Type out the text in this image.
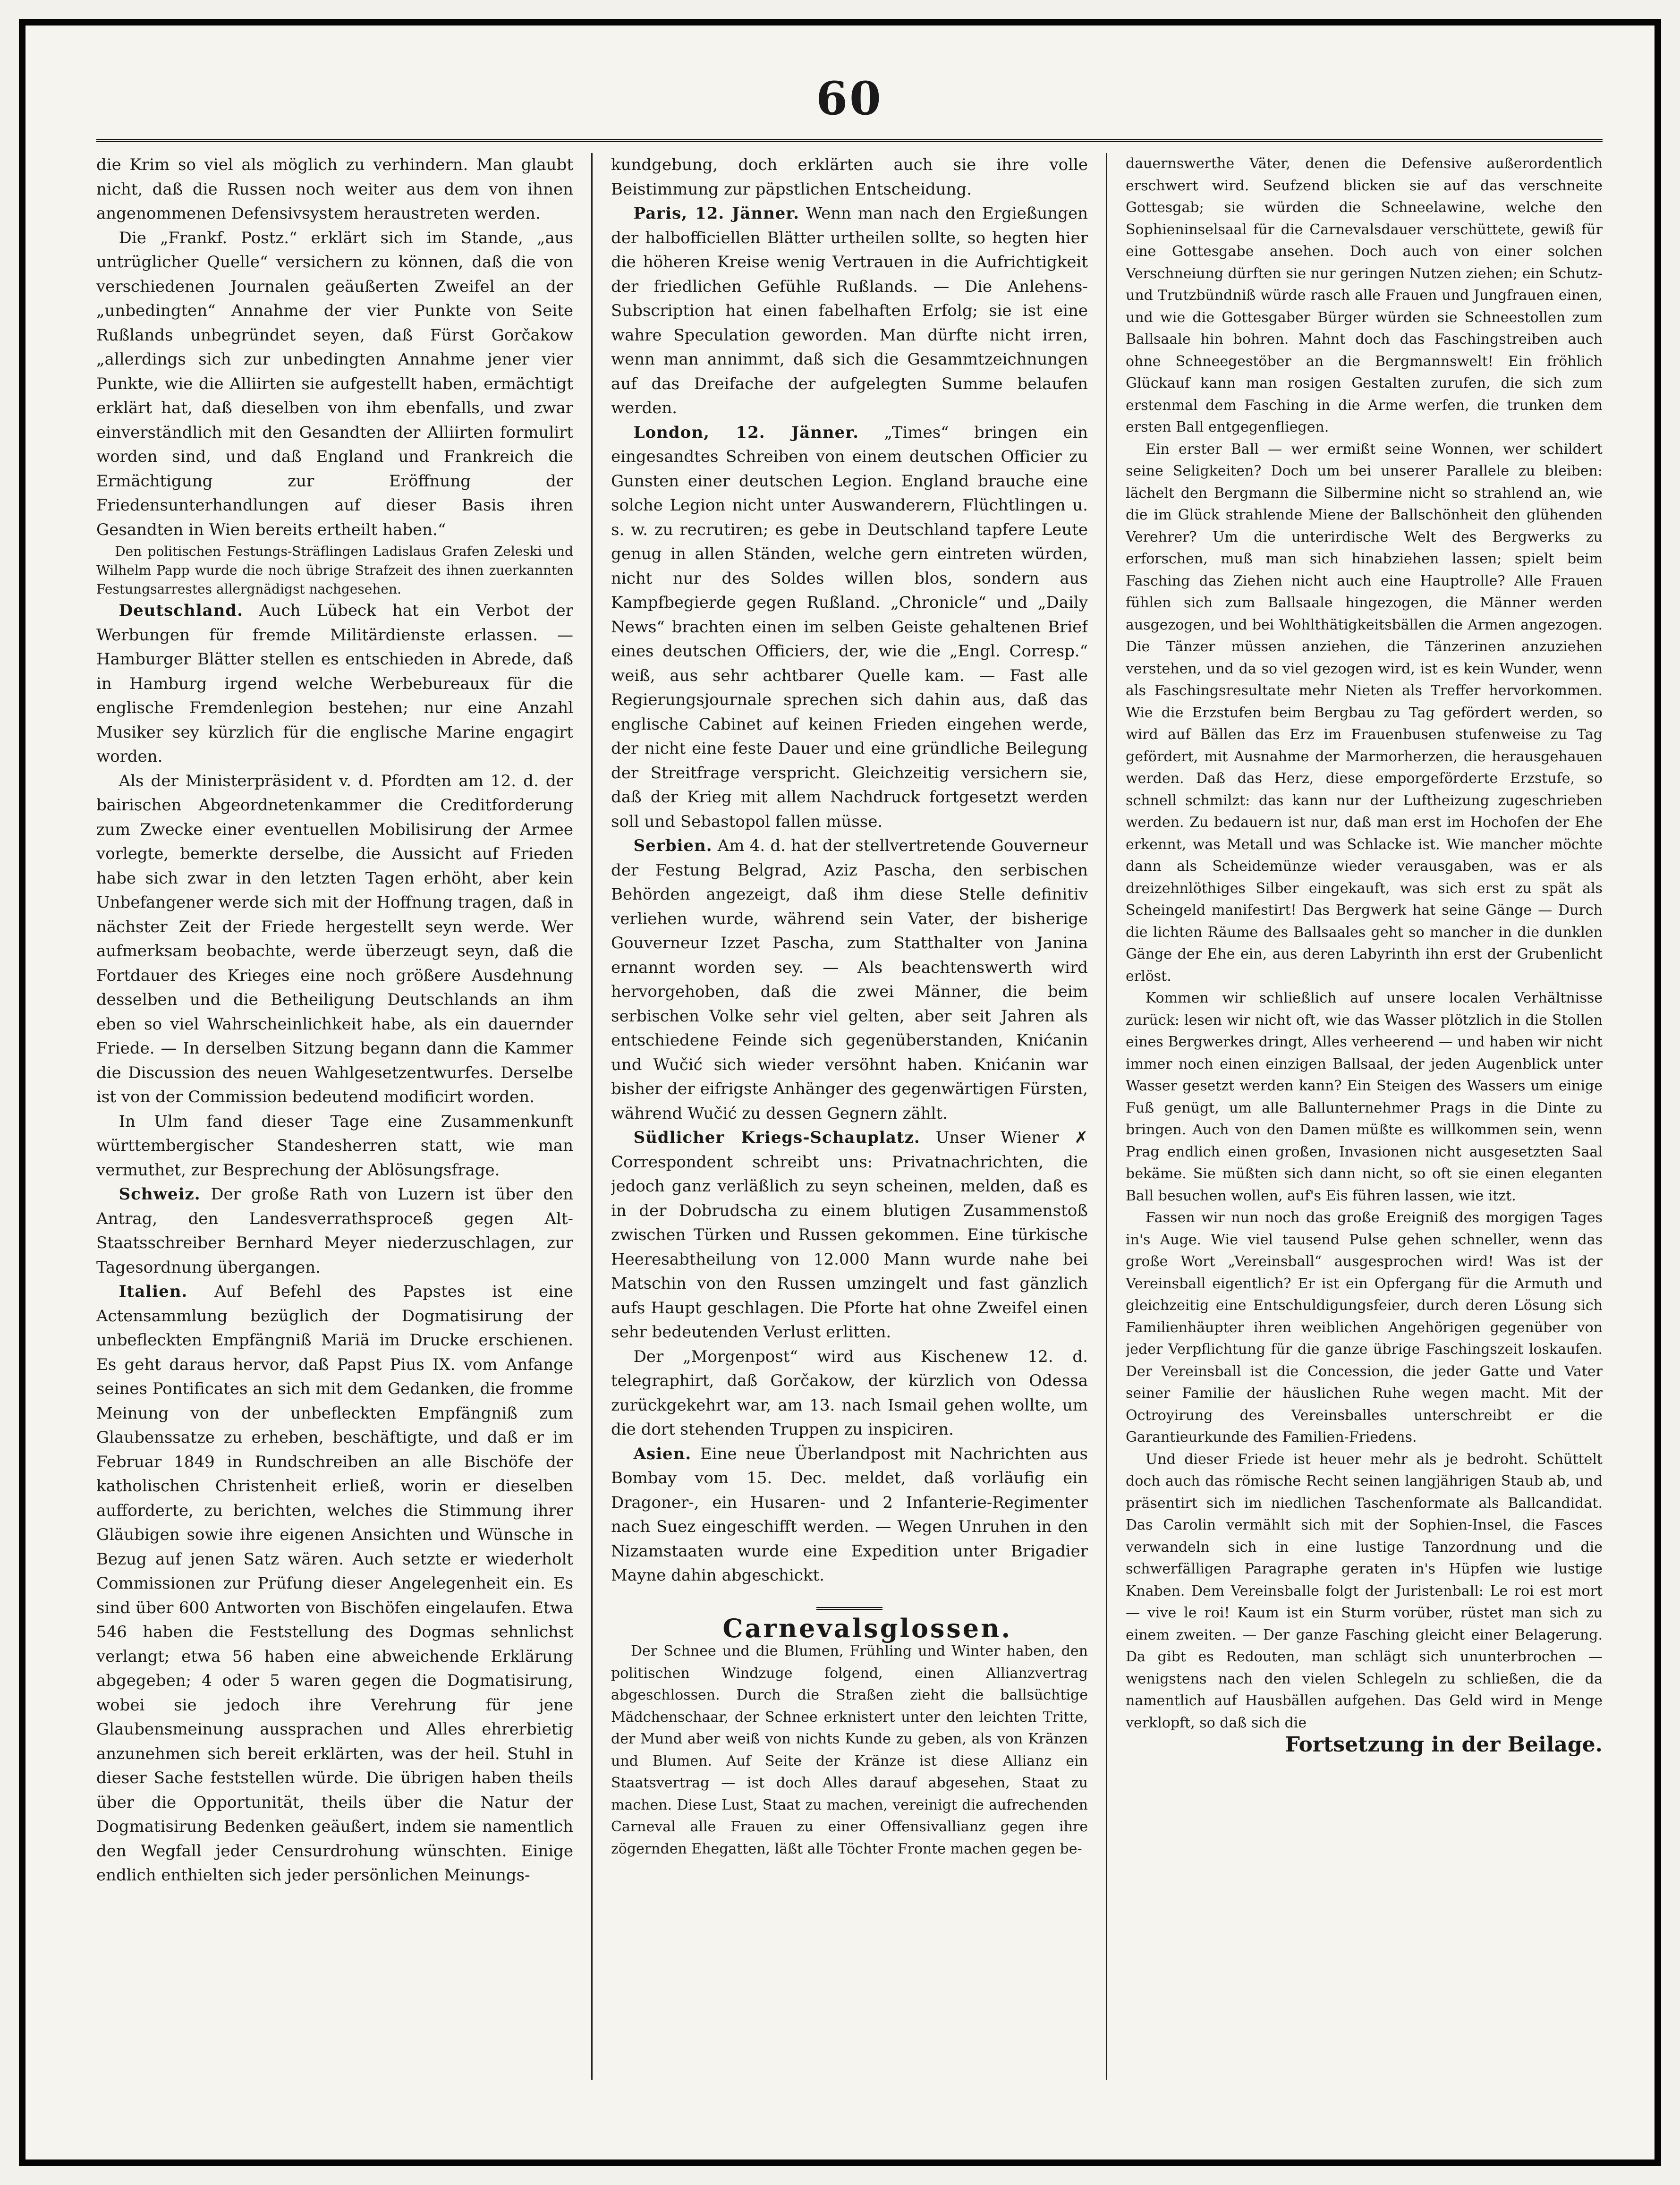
60

die Krim so viel als möglich zu verhindern. Man glaubt nicht, daß die Russen noch weiter aus dem von ihnen angenommenen Defensivsystem heraustreten werden.

Die „Frankf. Postz.“ erklärt sich im Stande, „aus untrüglicher Quelle“ versichern zu können, daß die von verschiedenen Journalen geäußerten Zweifel an der „unbedingten“ Annahme der vier Punkte von Seite Rußlands unbegründet seyen, daß Fürst Gorčakow „allerdings sich zur unbedingten Annahme jener vier Punkte, wie die Alliirten sie aufgestellt haben, ermächtigt erklärt hat, daß dieselben von ihm ebenfalls, und zwar einverständlich mit den Gesandten der Alliirten formulirt worden sind, und daß England und Frankreich die Ermächtigung zur Eröffnung der Friedensunterhandlungen auf dieser Basis ihren Gesandten in Wien bereits ertheilt haben.“

Den politischen Festungs-Sträflingen Ladislaus Grafen Zeleski und Wilhelm Papp wurde die noch übrige Strafzeit des ihnen zuerkannten Festungsarrestes allergnädigst nachgesehen.

Deutschland. Auch Lübeck hat ein Verbot der Werbungen für fremde Militärdienste erlassen. — Hamburger Blätter stellen es entschieden in Abrede, daß in Hamburg irgend welche Werbebureaux für die englische Fremdenlegion bestehen; nur eine Anzahl Musiker sey kürzlich für die englische Marine engagirt worden.

Als der Ministerpräsident v. d. Pfordten am 12. d. der bairischen Abgeordnetenkammer die Creditforderung zum Zwecke einer eventuellen Mobilisirung der Armee vorlegte, bemerkte derselbe, die Aussicht auf Frieden habe sich zwar in den letzten Tagen erhöht, aber kein Unbefangener werde sich mit der Hoffnung tragen, daß in nächster Zeit der Friede hergestellt seyn werde. Wer aufmerksam beobachte, werde überzeugt seyn, daß die Fortdauer des Krieges eine noch größere Ausdehnung desselben und die Betheiligung Deutschlands an ihm eben so viel Wahrscheinlichkeit habe, als ein dauernder Friede. — In derselben Sitzung begann dann die Kammer die Discussion des neuen Wahlgesetzentwurfes. Derselbe ist von der Commission bedeutend modificirt worden.

In Ulm fand dieser Tage eine Zusammenkunft württembergischer Standesherren statt, wie man vermuthet, zur Besprechung der Ablösungsfrage.

Schweiz. Der große Rath von Luzern ist über den Antrag, den Landesverrathsproceß gegen Alt-Staatsschreiber Bernhard Meyer niederzuschlagen, zur Tagesordnung übergangen.

Italien. Auf Befehl des Papstes ist eine Actensammlung bezüglich der Dogmatisirung der unbefleckten Empfängniß Mariä im Drucke erschienen. Es geht daraus hervor, daß Papst Pius IX. vom Anfange seines Pontificates an sich mit dem Gedanken, die fromme Meinung von der unbefleckten Empfängniß zum Glaubenssatze zu erheben, beschäftigte, und daß er im Februar 1849 in Rundschreiben an alle Bischöfe der katholischen Christenheit erließ, worin er dieselben aufforderte, zu berichten, welches die Stimmung ihrer Gläubigen sowie ihre eigenen Ansichten und Wünsche in Bezug auf jenen Satz wären. Auch setzte er wiederholt Commissionen zur Prüfung dieser Angelegenheit ein. Es sind über 600 Antworten von Bischöfen eingelaufen. Etwa 546 haben die Feststellung des Dogmas sehnlichst verlangt; etwa 56 haben eine abweichende Erklärung abgegeben; 4 oder 5 waren gegen die Dogmatisirung, wobei sie jedoch ihre Verehrung für jene Glaubensmeinung aussprachen und Alles ehrerbietig anzunehmen sich bereit erklärten, was der heil. Stuhl in dieser Sache feststellen würde. Die übrigen haben theils über die Opportunität, theils über die Natur der Dogmatisirung Bedenken geäußert, indem sie namentlich den Wegfall jeder Censurdrohung wünschten. Einige endlich enthielten sich jeder persönlichen Meinungs-

kundgebung, doch erklärten auch sie ihre volle Beistimmung zur päpstlichen Entscheidung.

Paris, 12. Jänner. Wenn man nach den Ergießungen der halbofficiellen Blätter urtheilen sollte, so hegten hier die höheren Kreise wenig Vertrauen in die Aufrichtigkeit der friedlichen Gefühle Rußlands. — Die Anlehens-Subscription hat einen fabelhaften Erfolg; sie ist eine wahre Speculation geworden. Man dürfte nicht irren, wenn man annimmt, daß sich die Gesammtzeichnungen auf das Dreifache der aufgelegten Summe belaufen werden.

London, 12. Jänner. „Times“ bringen ein eingesandtes Schreiben von einem deutschen Officier zu Gunsten einer deutschen Legion. England brauche eine solche Legion nicht unter Auswanderern, Flüchtlingen u. s. w. zu recrutiren; es gebe in Deutschland tapfere Leute genug in allen Ständen, welche gern eintreten würden, nicht nur des Soldes willen blos, sondern aus Kampfbegierde gegen Rußland. „Chronicle“ und „Daily News“ brachten einen im selben Geiste gehaltenen Brief eines deutschen Officiers, der, wie die „Engl. Corresp.“ weiß, aus sehr achtbarer Quelle kam. — Fast alle Regierungsjournale sprechen sich dahin aus, daß das englische Cabinet auf keinen Frieden eingehen werde, der nicht eine feste Dauer und eine gründliche Beilegung der Streitfrage verspricht. Gleichzeitig versichern sie, daß der Krieg mit allem Nachdruck fortgesetzt werden soll und Sebastopol fallen müsse.

Serbien. Am 4. d. hat der stellvertretende Gouverneur der Festung Belgrad, Aziz Pascha, den serbischen Behörden angezeigt, daß ihm diese Stelle definitiv verliehen wurde, während sein Vater, der bisherige Gouverneur Izzet Pascha, zum Statthalter von Janina ernannt worden sey. — Als beachtenswerth wird hervorgehoben, daß die zwei Männer, die beim serbischen Volke sehr viel gelten, aber seit Jahren als entschiedene Feinde sich gegenüberstanden, Knićanin und Wučić sich wieder versöhnt haben. Knićanin war bisher der eifrigste Anhänger des gegenwärtigen Fürsten, während Wučić zu dessen Gegnern zählt.

Südlicher Kriegs-Schauplatz. Unser Wiener ✗ Correspondent schreibt uns: Privatnachrichten, die jedoch ganz verläßlich zu seyn scheinen, melden, daß es in der Dobrudscha zu einem blutigen Zusammenstoß zwischen Türken und Russen gekommen. Eine türkische Heeresabtheilung von 12.000 Mann wurde nahe bei Matschin von den Russen umzingelt und fast gänzlich aufs Haupt geschlagen. Die Pforte hat ohne Zweifel einen sehr bedeutenden Verlust erlitten.

Der „Morgenpost“ wird aus Kischenew 12. d. telegraphirt, daß Gorčakow, der kürzlich von Odessa zurückgekehrt war, am 13. nach Ismail gehen wollte, um die dort stehenden Truppen zu inspiciren.

Asien. Eine neue Überlandpost mit Nachrichten aus Bombay vom 15. Dec. meldet, daß vorläufig ein Dragoner-, ein Husaren- und 2 Infanterie-Regimenter nach Suez eingeschifft werden. — Wegen Unruhen in den Nizamstaaten wurde eine Expedition unter Brigadier Mayne dahin abgeschickt.

Carnevalsglossen.

Der Schnee und die Blumen, Frühling und Winter haben, den politischen Windzuge folgend, einen Allianzvertrag abgeschlossen. Durch die Straßen zieht die ballsüchtige Mädchenschaar, der Schnee erknistert unter den leichten Tritte, der Mund aber weiß von nichts Kunde zu geben, als von Kränzen und Blumen. Auf Seite der Kränze ist diese Allianz ein Staatsvertrag — ist doch Alles darauf abgesehen, Staat zu machen. Diese Lust, Staat zu machen, vereinigt die aufrechenden Carneval alle Frauen zu einer Offensivallianz gegen ihre zögernden Ehegatten, läßt alle Töchter Fronte machen gegen be-

dauernswerthe Väter, denen die Defensive außerordentlich erschwert wird. Seufzend blicken sie auf das verschneite Gottesgab; sie würden die Schneelawine, welche den Sophieninselsaal für die Carnevalsdauer verschüttete, gewiß für eine Gottesgabe ansehen. Doch auch von einer solchen Verschneiung dürften sie nur geringen Nutzen ziehen; ein Schutz- und Trutzbündniß würde rasch alle Frauen und Jungfrauen einen, und wie die Gottesgaber Bürger würden sie Schneestollen zum Ballsaale hin bohren. Mahnt doch das Faschingstreiben auch ohne Schneegestöber an die Bergmannswelt! Ein fröhlich Glückauf kann man rosigen Gestalten zurufen, die sich zum erstenmal dem Fasching in die Arme werfen, die trunken dem ersten Ball entgegenfliegen.

Ein erster Ball — wer ermißt seine Wonnen, wer schildert seine Seligkeiten? Doch um bei unserer Parallele zu bleiben: lächelt den Bergmann die Silbermine nicht so strahlend an, wie die im Glück strahlende Miene der Ballschönheit den glühenden Verehrer? Um die unterirdische Welt des Bergwerks zu erforschen, muß man sich hinabziehen lassen; spielt beim Fasching das Ziehen nicht auch eine Hauptrolle? Alle Frauen fühlen sich zum Ballsaale hingezogen, die Männer werden ausgezogen, und bei Wohlthätigkeitsbällen die Armen angezogen. Die Tänzer müssen anziehen, die Tänzerinen anzuziehen verstehen, und da so viel gezogen wird, ist es kein Wunder, wenn als Faschingsresultate mehr Nieten als Treffer hervorkommen. Wie die Erzstufen beim Bergbau zu Tag gefördert werden, so wird auf Bällen das Erz im Frauenbusen stufenweise zu Tag gefördert, mit Ausnahme der Marmorherzen, die herausgehauen werden. Daß das Herz, diese emporgeförderte Erzstufe, so schnell schmilzt: das kann nur der Luftheizung zugeschrieben werden. Zu bedauern ist nur, daß man erst im Hochofen der Ehe erkennt, was Metall und was Schlacke ist. Wie mancher möchte dann als Scheidemünze wieder verausgaben, was er als dreizehnlöthiges Silber eingekauft, was sich erst zu spät als Scheingeld manifestirt! Das Bergwerk hat seine Gänge — Durch die lichten Räume des Ballsaales geht so mancher in die dunklen Gänge der Ehe ein, aus deren Labyrinth ihn erst der Grubenlicht erlöst.

Kommen wir schließlich auf unsere localen Verhältnisse zurück: lesen wir nicht oft, wie das Wasser plötzlich in die Stollen eines Bergwerkes dringt, Alles verheerend — und haben wir nicht immer noch einen einzigen Ballsaal, der jeden Augenblick unter Wasser gesetzt werden kann? Ein Steigen des Wassers um einige Fuß genügt, um alle Ballunternehmer Prags in die Dinte zu bringen. Auch von den Damen müßte es willkommen sein, wenn Prag endlich einen großen, Invasionen nicht ausgesetzten Saal bekäme. Sie müßten sich dann nicht, so oft sie einen eleganten Ball besuchen wollen, auf's Eis führen lassen, wie itzt.

Fassen wir nun noch das große Ereigniß des morgigen Tages in's Auge. Wie viel tausend Pulse gehen schneller, wenn das große Wort „Vereinsball“ ausgesprochen wird! Was ist der Vereinsball eigentlich? Er ist ein Opfergang für die Armuth und gleichzeitig eine Entschuldigungsfeier, durch deren Lösung sich Familienhäupter ihren weiblichen Angehörigen gegenüber von jeder Verpflichtung für die ganze übrige Faschingszeit loskaufen. Der Vereinsball ist die Concession, die jeder Gatte und Vater seiner Familie der häuslichen Ruhe wegen macht. Mit der Octroyirung des Vereinsballes unterschreibt er die Garantieurkunde des Familien-Friedens.

Und dieser Friede ist heuer mehr als je bedroht. Schüttelt doch auch das römische Recht seinen langjährigen Staub ab, und präsentirt sich im niedlichen Taschenformate als Ballcandidat. Das Carolin vermählt sich mit der Sophien-Insel, die Fasces verwandeln sich in eine lustige Tanzordnung und die schwerfälligen Paragraphe geraten in's Hüpfen wie lustige Knaben. Dem Vereinsballe folgt der Juristenball: Le roi est mort — vive le roi! Kaum ist ein Sturm vorüber, rüstet man sich zu einem zweiten. — Der ganze Fasching gleicht einer Belagerung. Da gibt es Redouten, man schlägt sich ununterbrochen — wenigstens nach den vielen Schlegeln zu schließen, die da namentlich auf Hausbällen aufgehen. Das Geld wird in Menge verklopft, so daß sich die

Fortsetzung in der Beilage.
